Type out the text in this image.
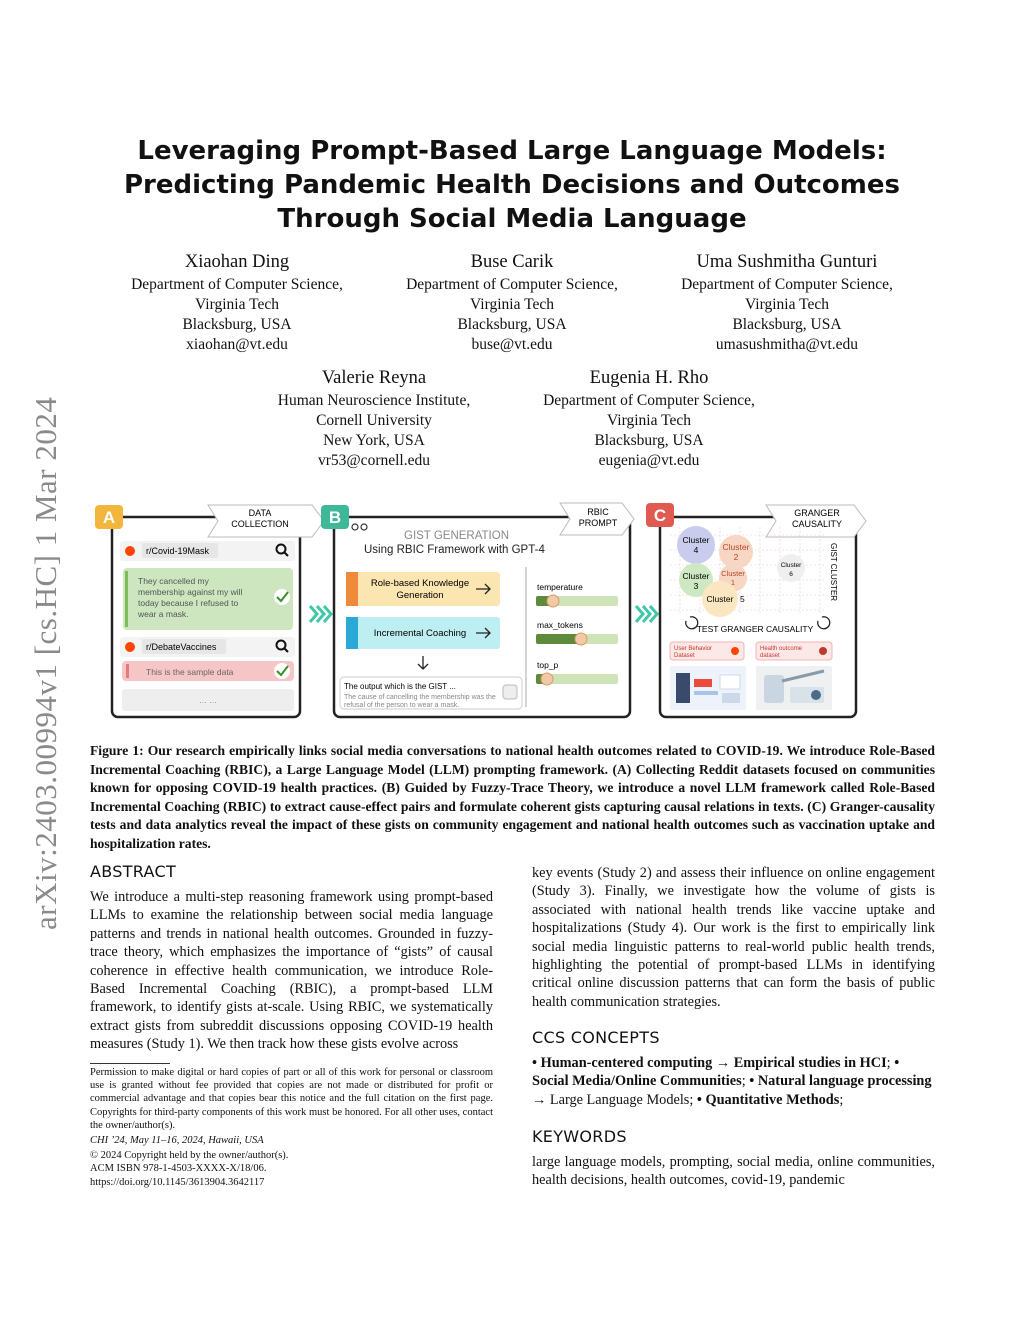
arXiv:2403.00994v1 [cs.HC] 1 Mar 2024
Leveraging Prompt-Based Large Language Models: Predicting Pandemic Health Decisions and Outcomes Through Social Media Language
Xiaohan Ding
Department of Computer Science,
Virginia Tech
Blacksburg, USA
xiaohan@vt.edu
Buse Carik
Department of Computer Science,
Virginia Tech
Blacksburg, USA
buse@vt.edu
Uma Sushmitha Gunturi
Department of Computer Science,
Virginia Tech
Blacksburg, USA
umasushmitha@vt.edu
Valerie Reyna
Human Neuroscience Institute,
Cornell University
New York, USA
vr53@cornell.edu
Eugenia H. Rho
Department of Computer Science,
Virginia Tech
Blacksburg, USA
eugenia@vt.edu
A	DATA
COLLECTION
r/Covid-19Mask
They cancelled my
membership against my will
today because I refused to
wear a mask.
r/DebateVaccines
This is the sample data
... ...
B	RBIC
PROMPT
GIST GENERATION
Using RBIC Framework with GPT-4
Role-based Knowledge
Generation
Incremental Coaching
The output which is the GIST ...
The cause of cancelling the membership was the
refusal of the person to wear a mask.
temperature
max_tokens
top_p
C	GRANGER
CAUSALITY
Cluster
4	Cluster
2
Cluster
3
Cluster
1
Cluster 5
Cluster
6	GIST CLUSTER
TEST GRANGER CAUSALITY
User Behavior
Dataset
Health outcome
dataset

Figure 1: Our research empirically links social media conversations to national health outcomes related to COVID-19. We introduce Role-Based Incremental Coaching (RBIC), a Large Language Model (LLM) prompting framework. (A) Collecting Reddit datasets focused on communities known for opposing COVID-19 health practices. (B) Guided by Fuzzy-Trace Theory, we introduce a novel LLM framework called Role-Based Incremental Coaching (RBIC) to extract cause-effect pairs and formulate coherent gists capturing causal relations in texts. (C) Granger-causality tests and data analytics reveal the impact of these gists on community engagement and national health outcomes such as vaccination uptake and hospitalization rates.

ABSTRACT

We introduce a multi-step reasoning framework using prompt-based LLMs to examine the relationship between social media language patterns and trends in national health outcomes. Grounded in fuzzy-trace theory, which emphasizes the importance of “gists” of causal coherence in effective health communication, we introduce Role-Based Incremental Coaching (RBIC), a prompt-based LLM framework, to identify gists at-scale. Using RBIC, we systematically extract gists from subreddit discussions opposing COVID-19 health measures (Study 1). We then track how these gists evolve across

Permission to make digital or hard copies of part or all of this work for personal or classroom use is granted without fee provided that copies are not made or distributed for profit or commercial advantage and that copies bear this notice and the full citation on the first page. Copyrights for third-party components of this work must be honored. For all other uses, contact the owner/author(s).

CHI ’24, May 11–16, 2024, Hawaii, USA

© 2024 Copyright held by the owner/author(s).

ACM ISBN 978-1-4503-XXXX-X/18/06.

https://doi.org/10.1145/3613904.3642117

key events (Study 2) and assess their influence on online engagement (Study 3). Finally, we investigate how the volume of gists is associated with national health trends like vaccine uptake and hospitalizations (Study 4). Our work is the first to empirically link social media linguistic patterns to real-world public health trends, highlighting the potential of prompt-based LLMs in identifying critical online discussion patterns that can form the basis of public health communication strategies.

CCS CONCEPTS

• Human-centered computing → Empirical studies in HCI; • Social Media/Online Communities; • Natural language processing → Large Language Models; • Quantitative Methods;

KEYWORDS

large language models, prompting, social media, online communities, health decisions, health outcomes, covid-19, pandemic
